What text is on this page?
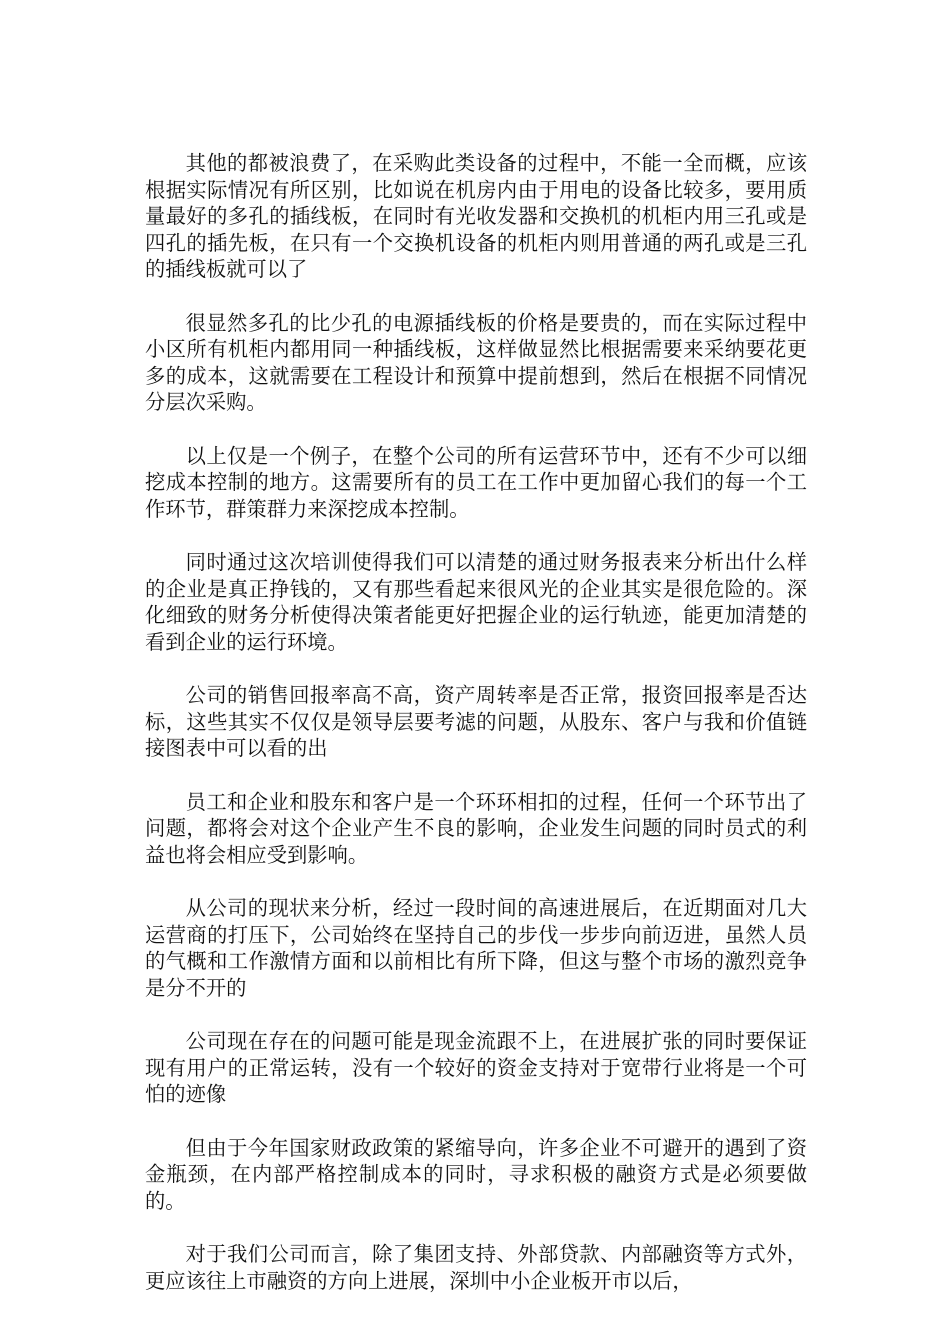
其他的都被浪费了，在采购此类设备的过程中，不能一全而概，应该根据实际情况有所区别，比如说在机房内由于用电的设备比较多，要用质量最好的多孔的插线板，在同时有光收发器和交换机的机柜内用三孔或是四孔的插先板，在只有一个交换机设备的机柜内则用普通的两孔或是三孔的插线板就可以了

很显然多孔的比少孔的电源插线板的价格是要贵的，而在实际过程中小区所有机柜内都用同一种插线板，这样做显然比根据需要来采纳要花更多的成本，这就需要在工程设计和预算中提前想到，然后在根据不同情况分层次采购。

以上仅是一个例子，在整个公司的所有运营环节中，还有不少可以细挖成本控制的地方。这需要所有的员工在工作中更加留心我们的每一个工作环节，群策群力来深挖成本控制。

同时通过这次培训使得我们可以清楚的通过财务报表来分析出什么样的企业是真正挣钱的，又有那些看起来很风光的企业其实是很危险的。深化细致的财务分析使得决策者能更好把握企业的运行轨迹，能更加清楚的看到企业的运行环境。

公司的销售回报率高不高，资产周转率是否正常，报资回报率是否达标，这些其实不仅仅是领导层要考滤的问题，从股东、客户与我和价值链接图表中可以看的出

员工和企业和股东和客户是一个环环相扣的过程，任何一个环节出了问题，都将会对这个企业产生不良的影响，企业发生问题的同时员式的利益也将会相应受到影响。

从公司的现状来分析，经过一段时间的高速进展后，在近期面对几大运营商的打压下，公司始终在坚持自己的步伐一步步向前迈进，虽然人员的气概和工作激情方面和以前相比有所下降，但这与整个市场的激烈竞争是分不开的

公司现在存在的问题可能是现金流跟不上，在进展扩张的同时要保证现有用户的正常运转，没有一个较好的资金支持对于宽带行业将是一个可怕的迹像

但由于今年国家财政政策的紧缩导向，许多企业不可避开的遇到了资金瓶颈，在内部严格控制成本的同时，寻求积极的融资方式是必须要做的。

对于我们公司而言，除了集团支持、外部贷款、内部融资等方式外，更应该往上市融资的方向上进展，深圳中小企业板开市以后，
